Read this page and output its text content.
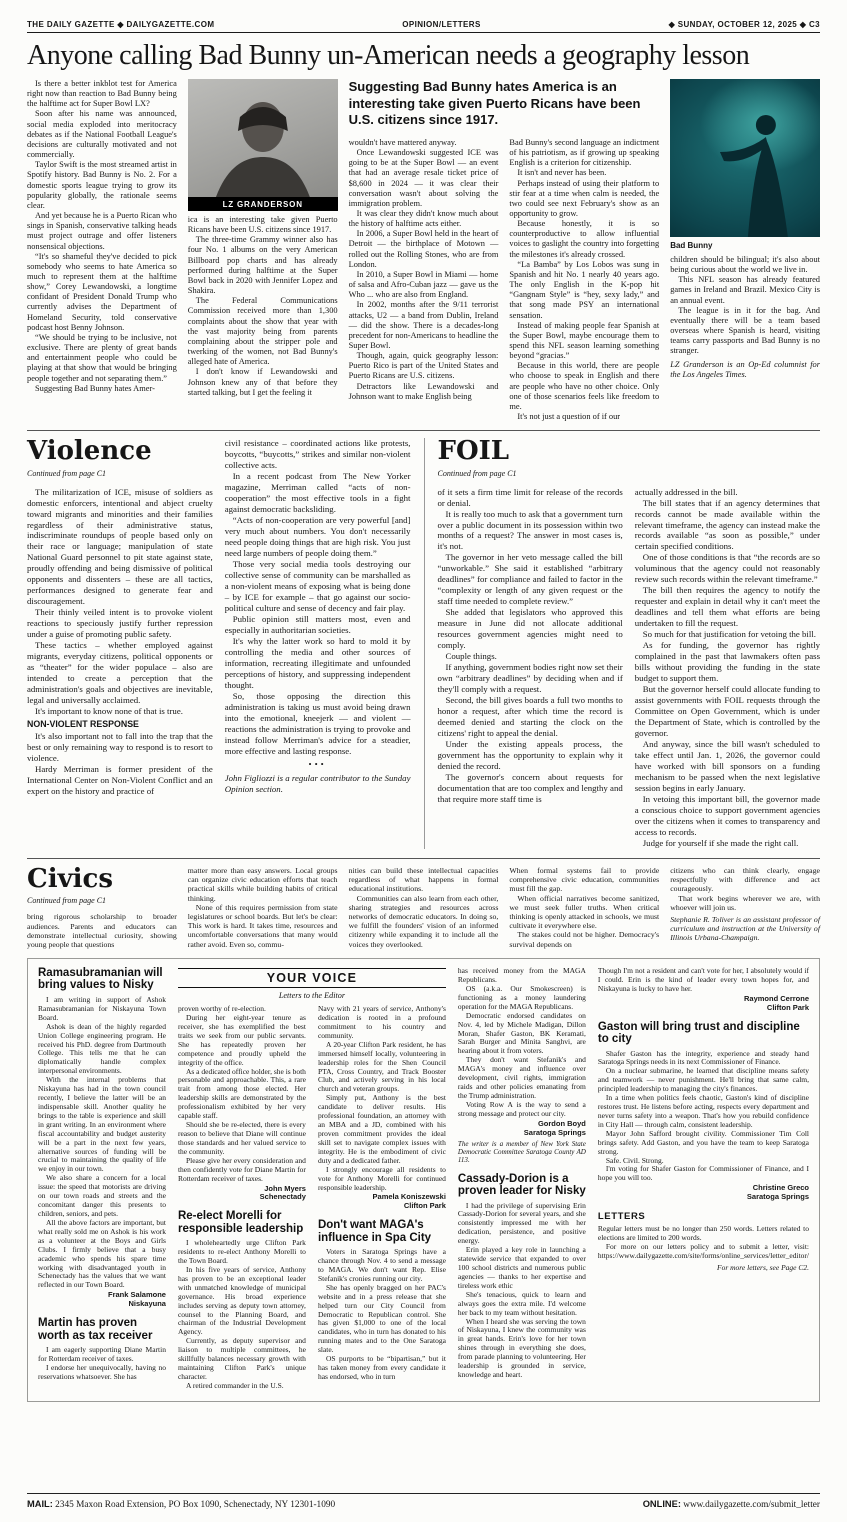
THE DAILY GAZETTE ◆ DAILYGAZETTE.COM	OPINION/LETTERS	◆ SUNDAY, OCTOBER 12, 2025 ◆ C3
Anyone calling Bad Bunny un-American needs a geography lesson

Is there a better inkblot test for America right now than reaction to Bad Bunny being the halftime act for Super Bowl LX?

Soon after his name was announced, social media exploded into meritocracy debates as if the National Football League's decisions are culturally motivated and not commercially.

Taylor Swift is the most streamed artist in Spotify history. Bad Bunny is No. 2. For a domestic sports league trying to grow its popularity globally, the rationale seems clear.

And yet because he is a Puerto Rican who sings in Spanish, conservative talking heads must project outrage and offer listeners nonsensical objections.

“It's so shameful they've decided to pick somebody who seems to hate America so much to represent them at the halftime show,” Corey Lewandowski, a longtime confidant of President Donald Trump who currently advises the Department of Homeland Security, told conservative podcast host Benny Johnson.

“We should be trying to be inclusive, not exclusive. There are plenty of great bands and entertainment people who could be playing at that show that would be bringing people together and not separating them.”

Suggesting Bad Bunny hates Amer-

LZ GRANDERSON

ica is an interesting take given Puerto Ricans have been U.S. citizens since 1917.

The three-time Grammy winner also has four No. 1 albums on the very American Billboard pop charts and has already performed during halftime at the Super Bowl back in 2020 with Jennifer Lopez and Shakira.

The Federal Communications Commission received more than 1,300 complaints about the show that year with the vast majority being from parents complaining about the stripper pole and twerking of the women, not Bad Bunny's alleged hate of America.

I don't know if Lewandowski and Johnson knew any of that before they started talking, but I get the feeling it

Suggesting Bad Bunny hates America is an interesting take given Puerto Ricans have been U.S. citizens since 1917.

wouldn't have mattered anyway.

Once Lewandowski suggested ICE was going to be at the Super Bowl — an event that had an average resale ticket price of $8,600 in 2024 — it was clear their conversation wasn't about solving the immigration problem.

It was clear they didn't know much about the history of halftime acts either.

In 2006, a Super Bowl held in the heart of Detroit — the birthplace of Motown — rolled out the Rolling Stones, who are from London.

In 2010, a Super Bowl in Miami — home of salsa and Afro-Cuban jazz — gave us the Who ... who are also from England.

In 2002, months after the 9/11 terrorist attacks, U2 — a band from Dublin, Ireland — did the show. There is a decades-long precedent for non-Americans to headline the Super Bowl.

Though, again, quick geography lesson: Puerto Rico is part of the United States and Puerto Ricans are U.S. citizens.

Detractors like Lewandowski and Johnson want to make English being

Bad Bunny's second language an indictment of his patriotism, as if growing up speaking English is a criterion for citizenship.

It isn't and never has been.

Perhaps instead of using their platform to stir fear at a time when calm is needed, the two could see next February's show as an opportunity to grow.

Because honestly, it is so counterproductive to allow influential voices to gaslight the country into forgetting the milestones it's already crossed.

“La Bamba” by Los Lobos was sung in Spanish and hit No. 1 nearly 40 years ago. The only English in the K-pop hit “Gangnam Style” is “hey, sexy lady,” and that song made PSY an international sensation.

Instead of making people fear Spanish at the Super Bowl, maybe encourage them to spend this NFL season learning something beyond “gracias.”

Because in this world, there are people who choose to speak in English and there are people who have no other choice. Only one of those scenarios feels like freedom to me.

It's not just a question of if our

Bad Bunny

children should be bilingual; it's also about being curious about the world we live in.

This NFL season has already featured games in Ireland and Brazil. Mexico City is an annual event.

The league is in it for the bag. And eventually there will be a team based overseas where Spanish is heard, visiting teams carry passports and Bad Bunny is no stranger.

LZ Granderson is an Op-Ed columnist for the Los Angeles Times.

Violence
Continued from page C1

The militarization of ICE, misuse of soldiers as domestic enforcers, intentional and abject cruelty toward migrants and minorities and their families regardless of their administrative status, indiscriminate roundups of people based only on their race or language; manipulation of state National Guard personnel to pit state against state, proudly offending and being dismissive of political opponents and dissenters – these are all tactics, performances designed to generate fear and discouragement.

Their thinly veiled intent is to provoke violent reactions to speciously justify further repression under a guise of promoting public safety.

These tactics – whether employed against migrants, everyday citizens, political opponents or as “theater” for the wider populace – also are intended to create a perception that the administration's goals and objectives are inevitable, legal and universally acclaimed.

It's important to know none of that is true.

NON-VIOLENT RESPONSE

It's also important not to fall into the trap that the best or only remaining way to respond is to resort to violence.

Hardy Merriman is former president of the International Center on Non-Violent Conflict and an expert on the history and practice of

civil resistance – coordinated actions like protests, boycotts, “buycotts,” strikes and similar non-violent collective acts.

In a recent podcast from The New Yorker magazine, Merriman called “acts of non-cooperation” the most effective tools in a fight against democratic backsliding.

“Acts of non-cooperation are very powerful [and] very much about numbers. You don't necessarily need people doing things that are high risk. You just need large numbers of people doing them.”

Those very social media tools destroying our collective sense of community can be marshalled as a non-violent means of exposing what is being done – by ICE for example – that go against our socio-political culture and sense of decency and fair play.

Public opinion still matters most, even and especially in authoritarian societies.

It's why the latter work so hard to mold it by controlling the media and other sources of information, recreating illegitimate and unfounded perceptions of history, and suppressing independent thought.

So, those opposing the direction this administration is taking us must avoid being drawn into the emotional, kneejerk — and violent — reactions the administration is trying to provoke and instead follow Merriman's advice for a steadier, more effective and lasting response.

•••

John Figliozzi is a regular contributor to the Sunday Opinion section.

FOIL
Continued from page C1

of it sets a firm time limit for release of the records or denial.

It is really too much to ask that a government turn over a public document in its possession within two months of a request? The answer in most cases is, it's not.

The governor in her veto message called the bill “unworkable.” She said it established “arbitrary deadlines” for compliance and failed to factor in the “complexity or length of any given request or the staff time needed to complete review.”

She added that legislators who approved this measure in June did not allocate additional resources government agencies might need to comply.

Couple things.

If anything, government bodies right now set their own “arbitrary deadlines” by deciding when and if they'll comply with a request.

Second, the bill gives boards a full two months to honor a request, after which time the record is deemed denied and starting the clock on the citizens' right to appeal the denial.

Under the existing appeals process, the government has the opportunity to explain why it denied the record.

The governor's concern about requests for documentation that are too complex and lengthy and that require more staff time is

actually addressed in the bill.

The bill states that if an agency determines that records cannot be made available within the relevant timeframe, the agency can instead make the records available “as soon as possible,” under certain specified conditions.

One of those conditions is that “the records are so voluminous that the agency could not reasonably review such records within the relevant timeframe.”

The bill then requires the agency to notify the requester and explain in detail why it can't meet the deadlines and tell them what efforts are being undertaken to fill the request.

So much for that justification for vetoing the bill.

As for funding, the governor has rightly complained in the past that lawmakers often pass bills without providing the funding in the state budget to support them.

But the governor herself could allocate funding to assist governments with FOIL requests through the Committee on Open Government, which is under the Department of State, which is controlled by the governor.

And anyway, since the bill wasn't scheduled to take effect until Jan. 1, 2026, the governor could have worked with bill sponsors on a funding mechanism to be passed when the next legislative session begins in early January.

In vetoing this important bill, the governor made a conscious choice to support government agencies over the citizens when it comes to transparency and access to records.

Judge for yourself if she made the right call.

Civics
Continued from page C1

bring rigorous scholarship to broader audiences. Parents and educators can demonstrate intellectual curiosity, showing young people that questions

matter more than easy answers. Local groups can organize civic education efforts that teach practical skills while building habits of critical thinking.

None of this requires permission from state legislatures or school boards. But let's be clear: This work is hard. It takes time, resources and uncomfortable conversations that many would rather avoid. Even so, commu-

nities can build these intellectual capacities regardless of what happens in formal educational institutions.

Communities can also learn from each other, sharing strategies and resources across networks of democratic educators. In doing so, we fulfill the founders' vision of an informed citizenry while expanding it to include all the voices they overlooked.

When formal systems fail to provide comprehensive civic education, communities must fill the gap.

When official narratives become sanitized, we must seek fuller truths. When critical thinking is openly attacked in schools, we must cultivate it everywhere else.

The stakes could not be higher. Democracy's survival depends on

citizens who can think clearly, engage respectfully with difference and act courageously.

That work begins wherever we are, with whoever will join us.

Stephanie R. Toliver is an assistant professor of curriculum and instruction at the University of Illinois Urbana-Champaign.

YOUR VOICE
Letters to the Editor
Ramasubramanian will bring values to Nisky

I am writing in support of Ashok Ramasubramanian for Niskayuna Town Board.

Ashok is dean of the highly regarded Union College engineering program. He received his PhD. degree from Dartmouth College. This tells me that he can diplomatically handle complex interpersonal environments.

With the internal problems that Niskayuna has had in the town council recently, I believe the latter will be an indispensable skill. Another quality he brings to the table is experience and skill in grant writing. In an environment where fiscal accountability and budget austerity will be a part in the next few years, alternative sources of funding will be crucial to maintaining the quality of life we enjoy in our town.

We also share a concern for a local issue: the speed that motorists are driving on our town roads and streets and the concomitant danger this presents to children, seniors, and pets.

All the above factors are important, but what really sold me on Ashok is his work as a volunteer at the Boys and Girls Clubs. I firmly believe that a busy academic who spends his spare time working with disadvantaged youth in Schenectady has the values that we want reflected in our Town Board.

Frank Salamone

Niskayuna

Martin has proven worth as tax receiver

I am eagerly supporting Diane Martin for Rotterdam receiver of taxes.

I endorse her unequivocally, having no reservations whatsoever. She has

proven worthy of re-election.

During her eight-year tenure as receiver, she has exemplified the best traits we seek from our public servants. She has repeatedly proven her competence and proudly upheld the integrity of the office.

As a dedicated office holder, she is both personable and approachable. This, a rare trait from among those elected. Her leadership skills are demonstrated by the professionalism exhibited by her very capable staff.

Should she be re-elected, there is every reason to believe that Diane will continue those standards and her valued service to the community.

Please give her every consideration and then confidently vote for Diane Martin for Rotterdam receiver of taxes.

John Myers

Schenectady

Re-elect Morelli for responsible leadership

I wholeheartedly urge Clifton Park residents to re-elect Anthony Morelli to the Town Board.

In his five years of service, Anthony has proven to be an exceptional leader with unmatched knowledge of municipal governance. His broad experience includes serving as deputy town attorney, counsel to the Planning Board, and chairman of the Industrial Development Agency.

Currently, as deputy supervisor and liaison to multiple committees, he skillfully balances necessary growth with maintaining Clifton Park's unique character.

A retired commander in the U.S.

Navy with 21 years of service, Anthony's dedication is rooted in a profound commitment to his country and community.

A 20-year Clifton Park resident, he has immersed himself locally, volunteering in leadership roles for the Shen Council PTA, Cross Country, and Track Booster Club, and actively serving in his local church and veteran groups.

Simply put, Anthony is the best candidate to deliver results. His professional foundation, an attorney with an MBA and a JD, combined with his proven commitment provides the ideal skill set to navigate complex issues with integrity. He is the embodiment of civic duty and a dedicated father.

I strongly encourage all residents to vote for Anthony Morelli for continued responsible leadership.

Pamela Koniszewski

Clifton Park

Don't want MAGA's influence in Spa City

Voters in Saratoga Springs have a chance through Nov. 4 to send a message to MAGA. We don't want Rep. Elise Stefanik's cronies running our city.

She has openly bragged on her PAC's website and in a press release that she helped turn our City Council from Democratic to Republican control. She has given $1,000 to one of the local candidates, who in turn has donated to his running mates and to the One Saratoga slate.

OS purports to be “bipartisan,” but it has taken money from every candidate it has endorsed, who in turn

has received money from the MAGA Republicans.

OS (a.k.a. Our Smokescreen) is functioning as a money laundering operation for the MAGA Republicans.

Democratic endorsed candidates on Nov. 4, led by Michele Madigan, Dillon Moran, Shafer Gaston, BK Keramati, Sarah Burger and Minita Sanghvi, are hearing about it from voters.

They don't want Stefanik's and MAGA's money and influence over development, civil rights, immigration raids and other policies emanating from the Trump administration.

Voting Row A is the way to send a strong message and protect our city.

Gordon Boyd

Saratoga Springs

The writer is a member of New York State Democratic Committee Saratoga County AD 113.

Cassady-Dorion is a proven leader for Nisky

I had the privilege of supervising Erin Cassady-Dorion for several years, and she consistently impressed me with her dedication, persistence, and positive energy.

Erin played a key role in launching a statewide service that expanded to over 100 school districts and numerous public agencies — thanks to her expertise and tireless work ethic

She's tenacious, quick to learn and always goes the extra mile. I'd welcome her back to my team without hesitation.

When I heard she was serving the town of Niskayuna, I knew the community was in great hands. Erin's love for her town shines through in everything she does, from parade planning to volunteering. Her leadership is grounded in service, knowledge and heart.

Though I'm not a resident and can't vote for her, I absolutely would if I could. Erin is the kind of leader every town hopes for, and Niskayuna is lucky to have her.

Raymond Cerrone

Clifton Park

Gaston will bring trust and discipline to city

Shafer Gaston has the integrity, experience and steady hand Saratoga Springs needs in its next Commissioner of Finance.

On a nuclear submarine, he learned that discipline means safety and teamwork — never punishment. He'll bring that same calm, principled leadership to managing the city's finances.

In a time when politics feels chaotic, Gaston's kind of discipline restores trust. He listens before acting, respects every department and never turns safety into a weapon. That's how you rebuild confidence in City Hall — through calm, consistent leadership.

Mayor John Safford brought civility. Commissioner Tim Coll brings safety. Add Gaston, and you have the team to keep Saratoga strong.

Safe. Civil. Strong.

I'm voting for Shafer Gaston for Commissioner of Finance, and I hope you will too.

Christine Greco

Saratoga Springs

LETTERS

Regular letters must be no longer than 250 words. Letters related to elections are limited to 200 words.

For more on our letters policy and to submit a letter, visit: https://www.dailygazette.com/site/forms/online_services/letter_editor/

For more letters, see Page C2.

MAIL: 2345 Maxon Road Extension, PO Box 1090, Schenectady, NY 12301-1090	ONLINE: www.dailygazette.com/submit_letter
